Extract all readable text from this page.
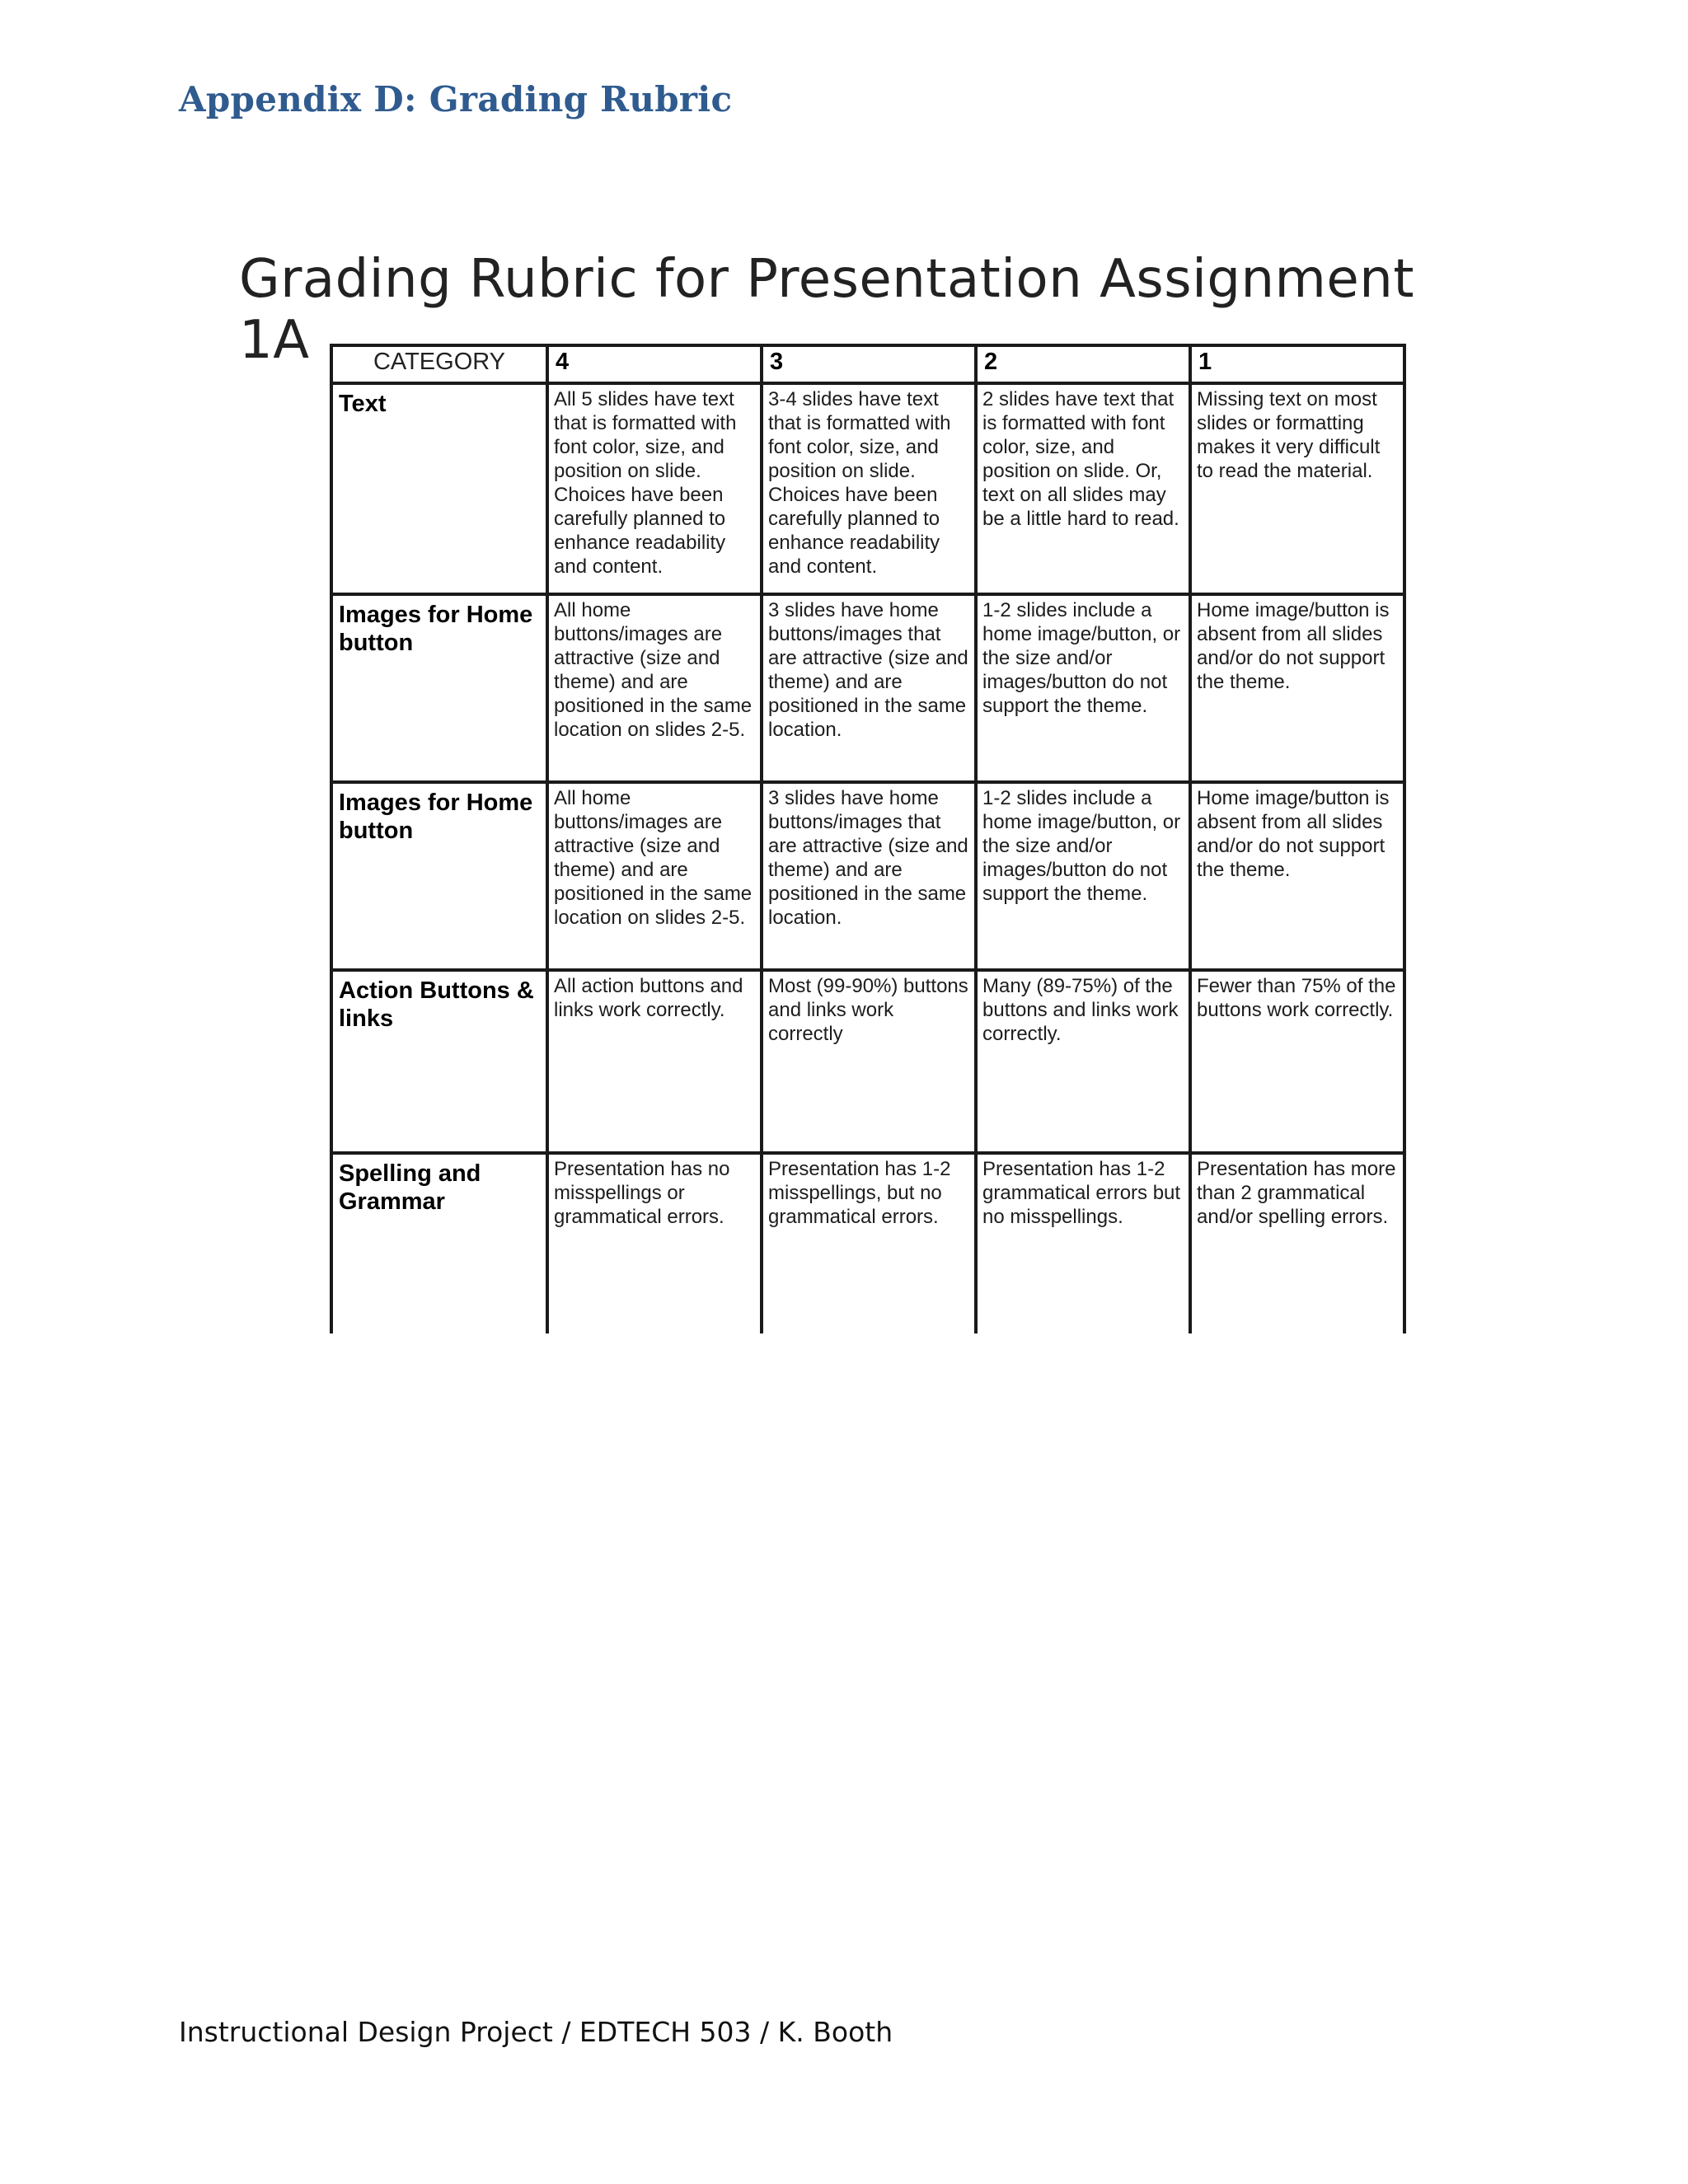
Appendix D: Grading Rubric
Grading Rubric for Presentation Assignment 1A	CATEGORY	4	3	2	1
Text	All 5 slides have text that is formatted with font color, size, and position on slide. Choices have been carefully planned to enhance readability and content.	3-4 slides have text that is formatted with font color, size, and position on slide. Choices have been carefully planned to enhance readability and content.	2 slides have text that is formatted with font color, size, and position on slide. Or, text on all slides may be a little hard to read.	Missing text on most slides or formatting makes it very difficult to read the material.
Images for Home button	All home buttons/images are attractive (size and theme) and are positioned in the same location on slides 2-5.	3 slides have home buttons/images that are attractive (size and theme) and are positioned in the same location.	1-2 slides include a home image/button, or the size and/or images/button do not support the theme.	Home image/button is absent from all slides and/or do not support the theme.
Images for Home button	All home buttons/images are attractive (size and theme) and are positioned in the same location on slides 2-5.	3 slides have home buttons/images that are attractive (size and theme) and are positioned in the same location.	1-2 slides include a home image/button, or the size and/or images/button do not support the theme.	Home image/button is absent from all slides and/or do not support the theme.
Action Buttons & links	All action buttons and links work correctly.	Most (99-90%) buttons and links work correctly	Many (89-75%) of the buttons and links work correctly.	Fewer than 75% of the buttons work correctly.
Spelling and Grammar	Presentation has no misspellings or grammatical errors.	Presentation has 1-2 misspellings, but no grammatical errors.	Presentation has 1-2 grammatical errors but no misspellings.	Presentation has more than 2 grammatical and/or spelling errors.

Instructional Design Project / EDTECH 503 / K. Booth
